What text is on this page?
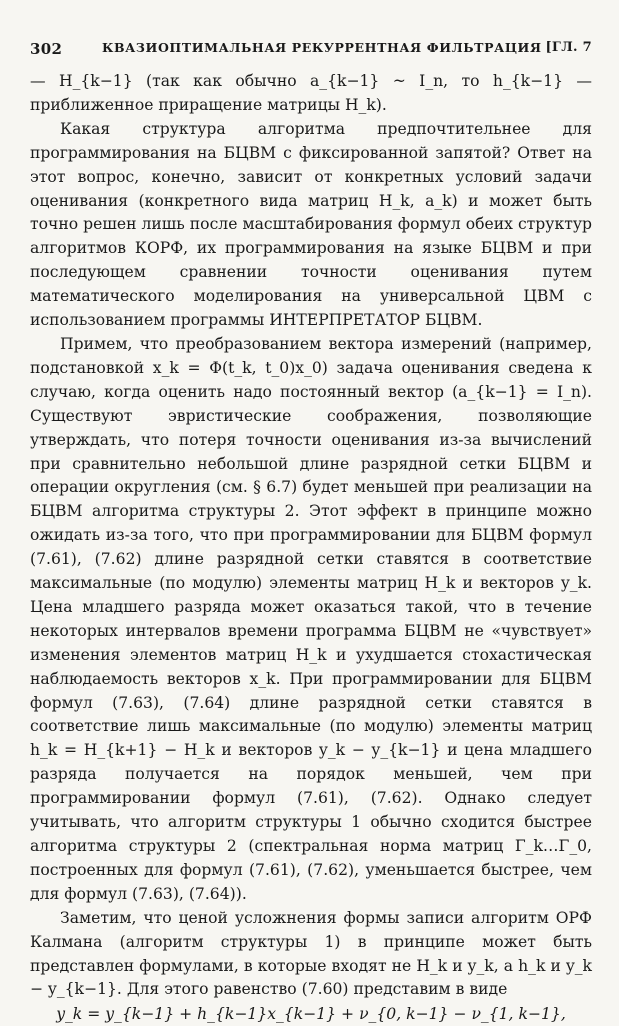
302	КВАЗИОПТИМАЛЬНАЯ РЕКУРРЕНТНАЯ ФИЛЬТРАЦИЯ [ГЛ. 7

— H_{k−1} (так как обычно a_{k−1} ~ I_n, то h_{k−1} — приближенное приращение матрицы H_k).

Какая структура алгоритма предпочтительнее для программирования на БЦВМ с фиксированной запятой? Ответ на этот вопрос, конечно, зависит от конкретных условий задачи оценивания (конкретного вида матриц H_k, a_k) и может быть точно решен лишь после масштабирования формул обеих структур алгоритмов КОРФ, их программирования на языке БЦВМ и при последующем сравнении точности оценивания путем математического моделирования на универсальной ЦВМ с использованием программы ИНТЕРПРЕТАТОР БЦВМ.

Примем, что преобразованием вектора измерений (например, подстановкой x_k = Φ(t_k, t_0)x_0) задача оценивания сведена к случаю, когда оценить надо постоянный вектор (a_{k−1} = I_n). Существуют эвристические соображения, позволяющие утверждать, что потеря точности оценивания из-за вычислений при сравнительно небольшой длине разрядной сетки БЦВМ и операции округления (см. § 6.7) будет меньшей при реализации на БЦВМ алгоритма структуры 2. Этот эффект в принципе можно ожидать из-за того, что при программировании для БЦВМ формул (7.61), (7.62) длине разрядной сетки ставятся в соответствие максимальные (по модулю) элементы матриц H_k и векторов y_k. Цена младшего разряда может оказаться такой, что в течение некоторых интервалов времени программа БЦВМ не «чувствует» изменения элементов матриц H_k и ухудшается стохастическая наблюдаемость векторов x_k. При программировании для БЦВМ формул (7.63), (7.64) длине разрядной сетки ставятся в соответствие лишь максимальные (по модулю) элементы матриц h_k = H_{k+1} − H_k и векторов y_k − y_{k−1} и цена младшего разряда получается на порядок меньшей, чем при программировании формул (7.61), (7.62). Однако следует учитывать, что алгоритм структуры 1 обычно сходится быстрее алгоритма структуры 2 (спектральная норма матриц Γ_k…Γ_0, построенных для формул (7.61), (7.62), уменьшается быстрее, чем для формул (7.63), (7.64)).

Заметим, что ценой усложнения формы записи алгоритм ОРФ Калмана (алгоритм структуры 1) в принципе может быть представлен формулами, в которые входят не H_k и y_k, а h_k и y_k − y_{k−1}. Для этого равенство (7.60) представим в виде

y_k = y_{k−1} + h_{k−1}x_{k−1} + ν_{0, k−1} − ν_{1, k−1},
